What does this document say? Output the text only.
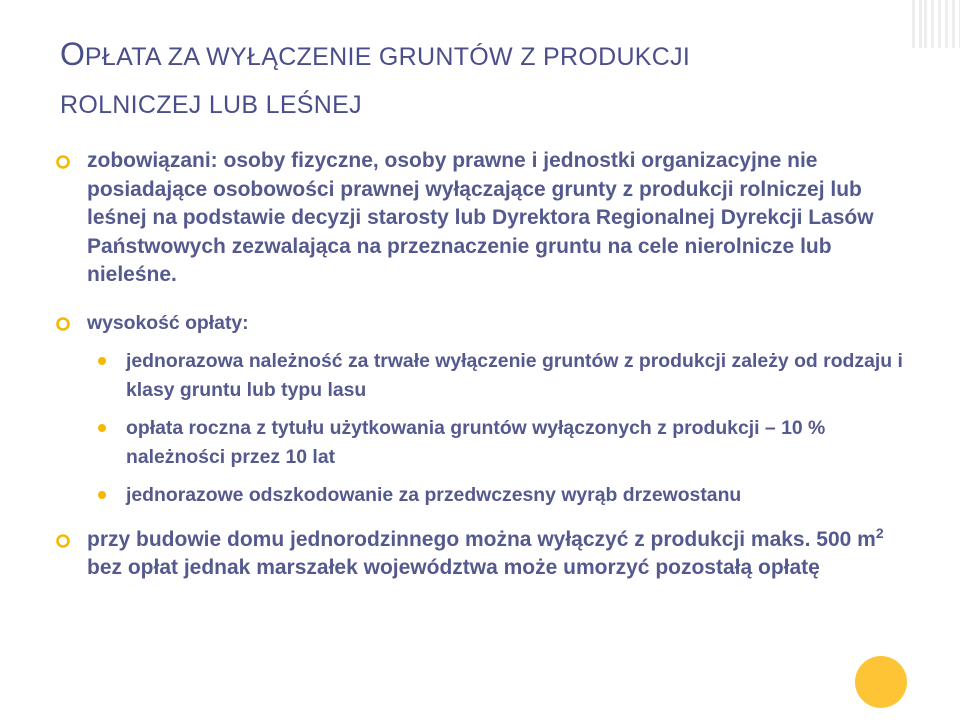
OPŁATA ZA WYŁĄCZENIE GRUNTÓW Z PRODUKCJI
ROLNICZEJ LUB LEŚNEJ
zobowiązani: osoby fizyczne, osoby prawne i jednostki organizacyjne nie posiadające osobowości prawnej wyłączające grunty z produkcji rolniczej lub leśnej na podstawie decyzji starosty lub Dyrektora Regionalnej Dyrekcji Lasów Państwowych zezwalająca na przeznaczenie gruntu na cele nierolnicze lub nieleśne.
wysokość opłaty:
jednorazowa należność za trwałe wyłączenie gruntów z produkcji zależy od rodzaju i klasy gruntu lub typu lasu
opłata roczna z tytułu użytkowania gruntów wyłączonych z produkcji – 10 % należności przez 10 lat
jednorazowe odszkodowanie za przedwczesny wyrąb drzewostanu
przy budowie domu jednorodzinnego można wyłączyć z produkcji maks. 500 $m^2$ bez opłat jednak marszałek województwa może umorzyć pozostałą opłatę
